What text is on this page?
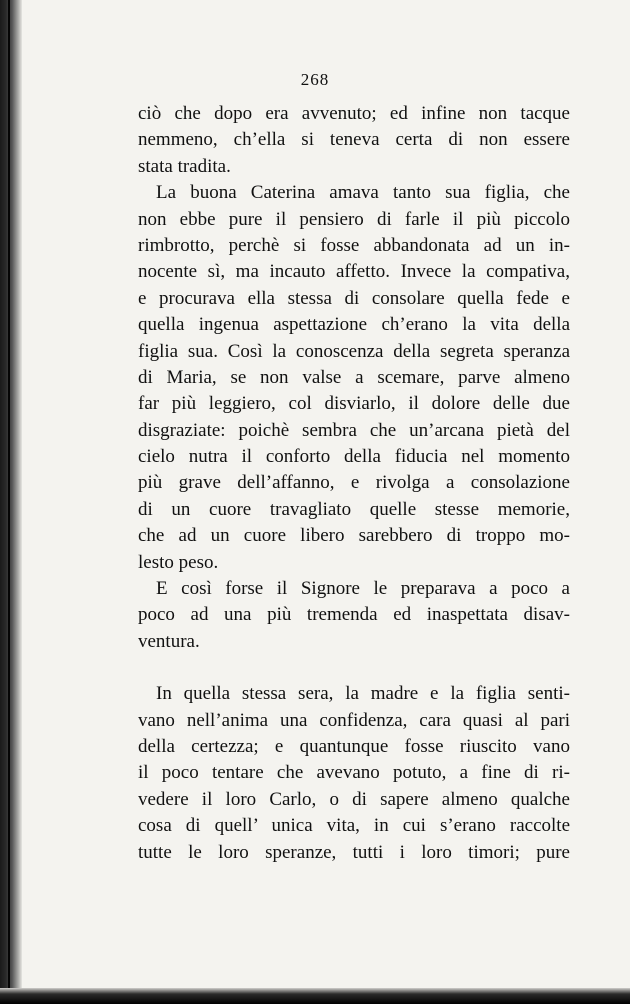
268
ciò che dopo era avvenuto; ed infine non tacque
nemmeno, ch’ella si teneva certa di non essere
stata tradita.
La buona Caterina amava tanto sua figlia, che
non ebbe pure il pensiero di farle il più piccolo
rimbrotto, perchè si fosse abbandonata ad un in-
nocente sì, ma incauto affetto. Invece la compativa,
e procurava ella stessa di consolare quella fede e
quella ingenua aspettazione ch’erano la vita della
figlia sua. Così la conoscenza della segreta speranza
di Maria, se non valse a scemare, parve almeno
far più leggiero, col disviarlo, il dolore delle due
disgraziate: poichè sembra che un’arcana pietà del
cielo nutra il conforto della fiducia nel momento
più grave dell’affanno, e rivolga a consolazione
di un cuore travagliato quelle stesse memorie,
che ad un cuore libero sarebbero di troppo mo-
lesto peso.
E così forse il Signore le preparava a poco a
poco ad una più tremenda ed inaspettata disav-
ventura.
In quella stessa sera, la madre e la figlia senti-
vano nell’anima una confidenza, cara quasi al pari
della certezza; e quantunque fosse riuscito vano
il poco tentare che avevano potuto, a fine di ri-
vedere il loro Carlo, o di sapere almeno qualche
cosa di quell’ unica vita, in cui s’erano raccolte
tutte le loro speranze, tutti i loro timori; pure
